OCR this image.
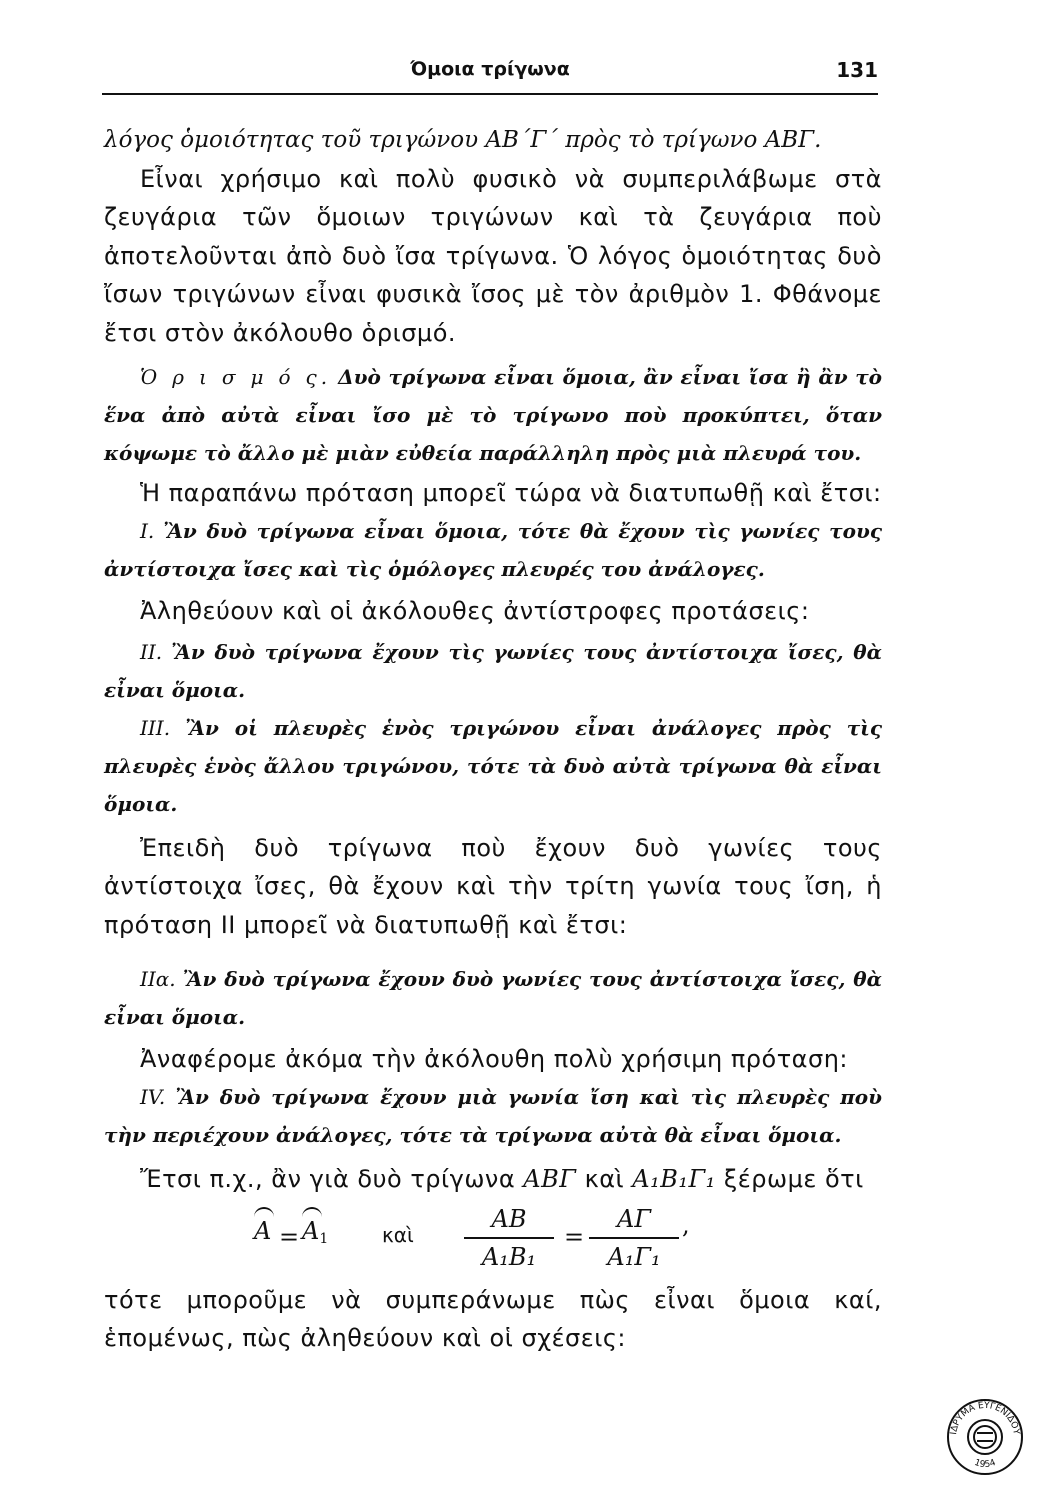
Όμοια τρίγωνα	131

λόγος ὁμοιότητας τοῦ τριγώνου ΑΒ΄Γ΄ πρὸς τὸ τρίγωνο ΑΒΓ.

Εἶναι χρήσιμο καὶ πολὺ φυσικὸ νὰ συμπεριλάβωμε στὰ ζευγάρια τῶν ὅμοιων τριγώνων καὶ τὰ ζευγάρια ποὺ ἀποτελοῦνται ἀπὸ δυὸ ἴσα τρίγωνα. Ὁ λόγος ὁμοιότητας δυὸ ἴσων τριγώνων εἶναι φυσικὰ ἴσος μὲ τὸν ἀριθμὸν 1. Φθάνομε ἔτσι στὸν ἀκόλουθο ὁρισμό.

Ὁ ρ ι σ μ ό ς. Δυὸ τρίγωνα εἶναι ὅμοια, ἂν εἶναι ἴσα ἢ ἂν τὸ ἕνα ἀπὸ αὐτὰ εἶναι ἴσο μὲ τὸ τρίγωνο ποὺ προκύπτει, ὅταν κόψωμε τὸ ἄλλο μὲ μιὰν εὐθεία παράλληλη πρὸς μιὰ πλευρά του.

Ἡ παραπάνω πρόταση μπορεῖ τώρα νὰ διατυπωθῇ καὶ ἔτσι:

Ι. Ἂν δυὸ τρίγωνα εἶναι ὅμοια, τότε θὰ ἔχουν τὶς γωνίες τους ἀντίστοιχα ἴσες καὶ τὶς ὁμόλογες πλευρές του ἀνάλογες.

Ἀληθεύουν καὶ οἱ ἀκόλουθες ἀντίστροφες προτάσεις:

ΙΙ. Ἂν δυὸ τρίγωνα ἔχουν τὶς γωνίες τους ἀντίστοιχα ἴσες, θὰ εἶναι ὅμοια.

ΙΙΙ. Ἂν οἱ πλευρὲς ἑνὸς τριγώνου εἶναι ἀνάλογες πρὸς τὶς πλευρὲς ἑνὸς ἄλλου τριγώνου, τότε τὰ δυὸ αὐτὰ τρίγωνα θὰ εἶναι ὅμοια.

Ἐπειδὴ δυὸ τρίγωνα ποὺ ἔχουν δυὸ γωνίες τους ἀντίστοιχα ἴσες, θὰ ἔχουν καὶ τὴν τρίτη γωνία τους ἴση, ἡ πρόταση ΙΙ μπορεῖ νὰ διατυπωθῇ καὶ ἔτσι:

ΙΙα. Ἂν δυὸ τρίγωνα ἔχουν δυὸ γωνίες τους ἀντίστοιχα ἴσες, θὰ εἶναι ὅμοια.

Ἀναφέρομε ἀκόμα τὴν ἀκόλουθη πολὺ χρήσιμη πρόταση:

ΙV. Ἂν δυὸ τρίγωνα ἔχουν μιὰ γωνία ἴση καὶ τὶς πλευρὲς ποὺ τὴν περιέχουν ἀνάλογες, τότε τὰ τρίγωνα αὐτὰ θὰ εἶναι ὅμοια.

Ἔτσι π.χ., ἂν γιὰ δυὸ τρίγωνα ΑΒΓ καὶ Α₁Β₁Γ₁ ξέρωμε ὅτι

$A = A_1$	καὶ
ΑΒ
Α₁Β₁
=
ΑΓ
Α₁Γ₁
,

τότε μποροῦμε νὰ συμπεράνωμε πὼς εἶναι ὅμοια καί, ἑπομένως, πὼς ἀληθεύουν καὶ οἱ σχέσεις:

ΙΔΡΥΜΑ ΕΥΓΕΝΙΔΟΥ
1954
